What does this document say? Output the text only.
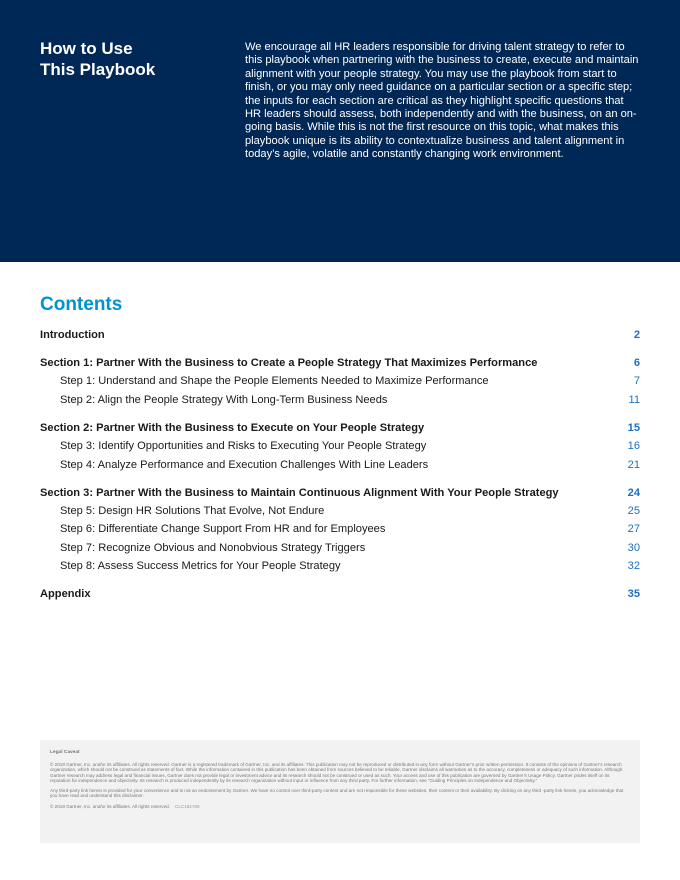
How to Use
This Playbook
We encourage all HR leaders responsible for driving talent strategy to refer to this playbook when partnering with the business to create, execute and maintain alignment with your people strategy. You may use the playbook from start to finish, or you may only need guidance on a particular section or a specific step; the inputs for each section are critical as they highlight specific questions that HR leaders should assess, both independently and with the business, on an on-going basis. While this is not the first resource on this topic, what makes this playbook unique is its ability to contextualize business and talent alignment in today’s agile, volatile and constantly changing work environment.
Contents
Introduction	2
Section 1: Partner With the Business to Create a People Strategy That Maximizes Performance	6
Step 1: Understand and Shape the People Elements Needed to Maximize Performance	7
Step 2: Align the People Strategy With Long-Term Business Needs	11
Section 2: Partner With the Business to Execute on Your People Strategy	15
Step 3: Identify Opportunities and Risks to Executing Your People Strategy	16
Step 4: Analyze Performance and Execution Challenges With Line Leaders	21
Section 3: Partner With the Business to Maintain Continuous Alignment With Your People Strategy	24
Step 5: Design HR Solutions That Evolve, Not Endure	25
Step 6: Differentiate Change Support From HR and for Employees	27
Step 7: Recognize Obvious and Nonobvious Strategy Triggers	30
Step 8: Assess Success Metrics for Your People Strategy	32
Appendix	35
Legal Caveat

© 2018 Gartner, Inc. and/or its affiliates. All rights reserved. Gartner is a registered trademark of Gartner, Inc. and its affiliates. This publication may not be reproduced or distributed in any form without Gartner’s prior written permission. It consists of the opinions of Gartner’s research organization, which should not be construed as statements of fact. While the information contained in this publication has been obtained from sources believed to be reliable, Gartner disclaims all warranties as to the accuracy, completeness or adequacy of such information. Although Gartner research may address legal and financial issues, Gartner does not provide legal or investment advice and its research should not be construed or used as such. Your access and use of this publication are governed by Gartner’s Usage Policy. Gartner prides itself on its reputation for independence and objectivity. Its research is produced independently by its research organization without input or influence from any third party. For further information, see “Guiding Principles on Independence and Objectivity.”

Any third-party link herein is provided for your convenience and is not an endorsement by Gartner. We have no control over third-party content and are not responsible for these websites, their content or their availability. By clicking on any third -party link herein, you acknowledge that you have read and understand this disclaimer.

© 2018 Gartner, Inc. and/or its affiliates. All rights reserved. CLC182789
